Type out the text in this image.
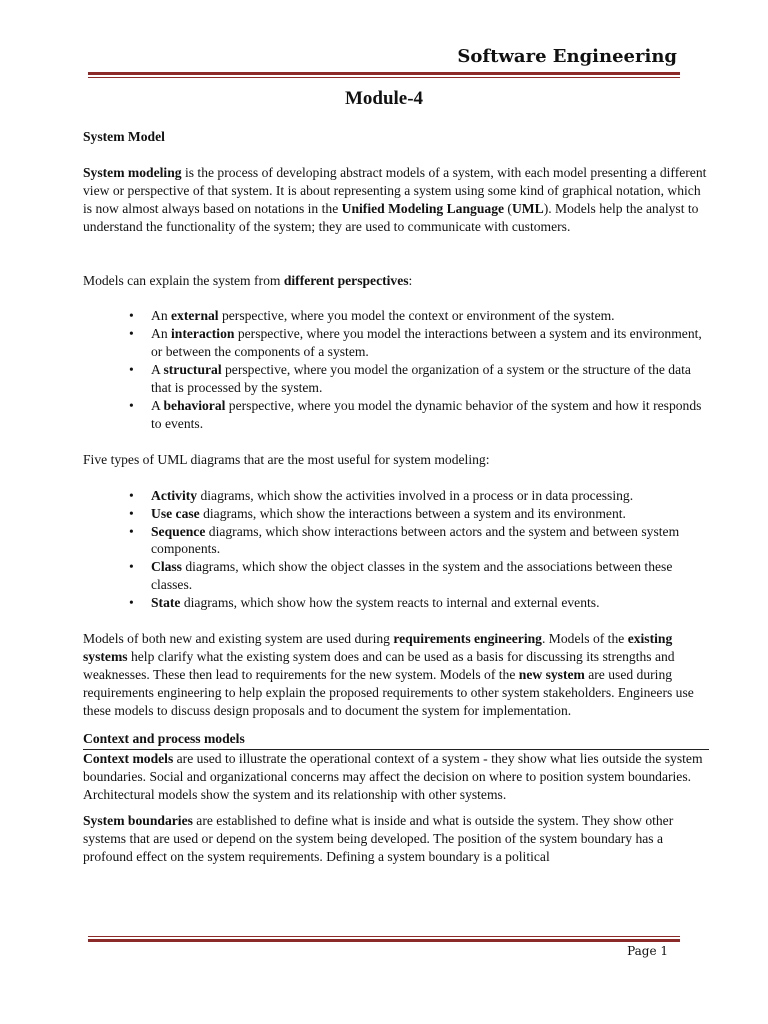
Software Engineering
Module-4

System Model

System modeling is the process of developing abstract models of a system, with each model presenting a different view or perspective of that system. It is about representing a system using some kind of graphical notation, which is now almost always based on notations in the Unified Modeling Language (UML). Models help the analyst to understand the functionality of the system; they are used to communicate with customers.

Models can explain the system from different perspectives:

• An external perspective, where you model the context or environment of the system.
• An interaction perspective, where you model the interactions between a system and its environment, or between the components of a system.
• A structural perspective, where you model the organization of a system or the structure of the data that is processed by the system.
• A behavioral perspective, where you model the dynamic behavior of the system and how it responds to events.

Five types of UML diagrams that are the most useful for system modeling:

• Activity diagrams, which show the activities involved in a process or in data processing.
• Use case diagrams, which show the interactions between a system and its environment.
• Sequence diagrams, which show interactions between actors and the system and between system components.
• Class diagrams, which show the object classes in the system and the associations between these classes.
• State diagrams, which show how the system reacts to internal and external events.

Models of both new and existing system are used during requirements engineering. Models of the existing systems help clarify what the existing system does and can be used as a basis for discussing its strengths and weaknesses. These then lead to requirements for the new system. Models of the new system are used during requirements engineering to help explain the proposed requirements to other system stakeholders. Engineers use these models to discuss design proposals and to document the system for implementation.

Context and process models

Context models are used to illustrate the operational context of a system - they show what lies outside the system boundaries. Social and organizational concerns may affect the decision on where to position system boundaries. Architectural models show the system and its relationship with other systems.

System boundaries are established to define what is inside and what is outside the system. They show other systems that are used or depend on the system being developed. The position of the system boundary has a profound effect on the system requirements. Defining a system boundary is a political

Page 1
